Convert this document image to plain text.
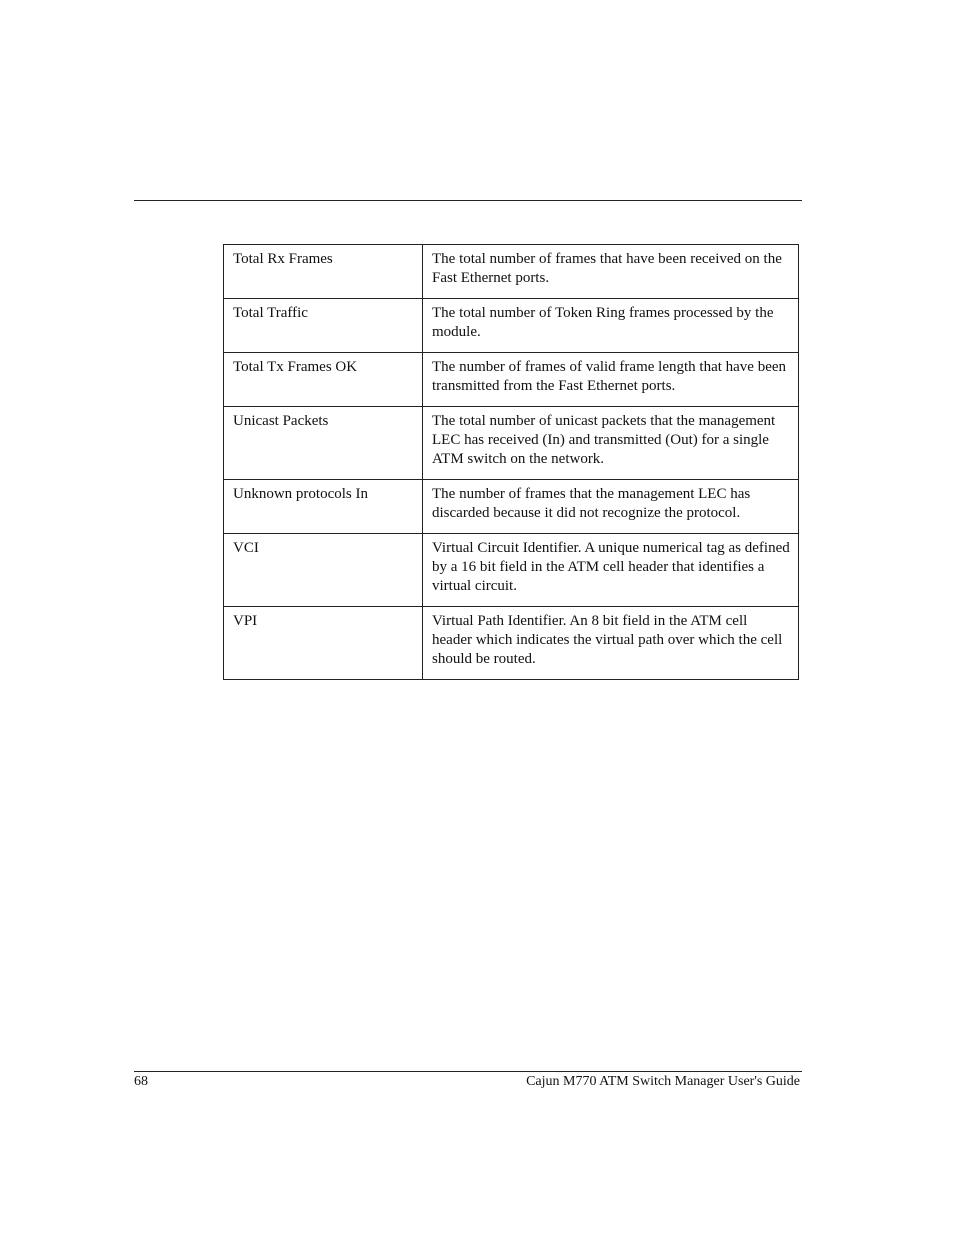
Total Rx Frames	The total number of frames that have been received on the Fast Ethernet ports.
Total Traffic	The total number of Token Ring frames processed by the module.
Total Tx Frames OK	The number of frames of valid frame length that have been transmitted from the Fast Ethernet ports.
Unicast Packets	The total number of unicast packets that the management LEC has received (In) and transmitted (Out) for a single ATM switch on the network.
Unknown protocols In	The number of frames that the management LEC has discarded because it did not recognize the protocol.
VCI	Virtual Circuit Identifier. A unique numerical tag as defined by a 16 bit field in the ATM cell header that identifies a virtual circuit.
VPI	Virtual Path Identifier. An 8 bit field in the ATM cell header which indicates the virtual path over which the cell should be routed.
68	Cajun M770 ATM Switch Manager User's Guide
